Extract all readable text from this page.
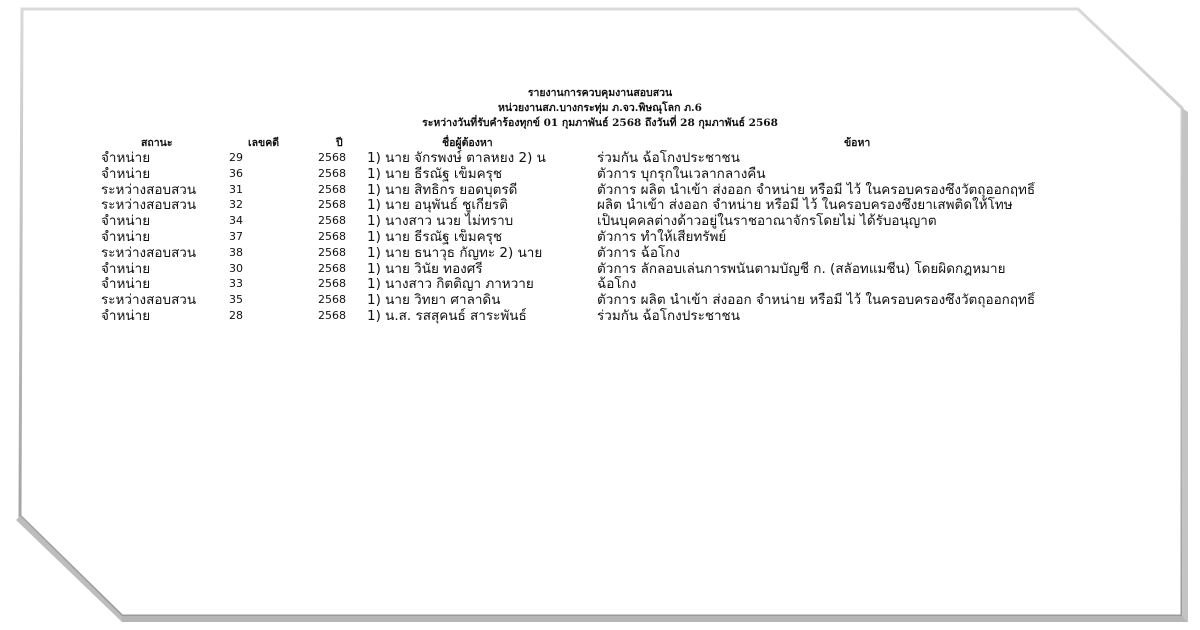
รายงานการควบคุมงานสอบสวน
หน่วยงานสภ.บางกระทุ่ม ภ.จว.พิษณุโลก ภ.6
ระหว่างวันที่รับคำร้องทุกข์ 01 กุมภาพันธ์ 2568 ถึงวันที่ 28 กุมภาพันธ์ 2568
สถานะ	เลขคดี	ปี	ชื่อผู้ต้องหา	ข้อหา
จำหน่าย	29	2568 1) นาย จักรพงษ์ ตาลหยง 2) น	ร่วมกัน ฉ้อโกงประชาชน
จำหน่าย	36	2568 1) นาย ธีรณัฐ เข็มครุช	ตัวการ บุกรุกในเวลากลางคืน
ระหว่างสอบสวน	31	2568 1) นาย สิทธิกร ยอดบุตรดี	ตัวการ ผลิต นำเข้า ส่งออก จำหน่าย หรือมี ไว้ ในครอบครองซึ่งวัตถุออกฤทธิ์
ระหว่างสอบสวน	32	2568 1) นาย อนุพันธ์ ชูเกียรติ	ผลิต นำเข้า ส่งออก จำหน่าย หรือมี ไว้ ในครอบครองซึ่งยาเสพติดให้โทษ
จำหน่าย	34	2568 1) นางสาว นวย ไม่ทราบ	เป็นบุคคลต่างด้าวอยู่ในราชอาณาจักรโดยไม่ ได้รับอนุญาต
จำหน่าย	37	2568 1) นาย ธีรณัฐ เข็มครุช	ตัวการ ทำให้เสียทรัพย์
ระหว่างสอบสวน	38	2568 1) นาย ธนาวุธ กัญทะ 2) นาย	ตัวการ ฉ้อโกง
จำหน่าย	30	2568 1) นาย วินัย ทองศรี	ตัวการ ลักลอบเล่นการพนันตามบัญชี ก. (สลัอทแมชีน) โดยผิดกฎหมาย
จำหน่าย	33	2568 1) นางสาว กิตติญา ภาหวาย	ฉ้อโกง
ระหว่างสอบสวน	35	2568 1) นาย วิทยา ศาลาดิน	ตัวการ ผลิต นำเข้า ส่งออก จำหน่าย หรือมี ไว้ ในครอบครองซึ่งวัตถุออกฤทธิ์
จำหน่าย	28	2568 1) น.ส. รสสุคนธ์ สาระพันธ์	ร่วมกัน ฉ้อโกงประชาชน
